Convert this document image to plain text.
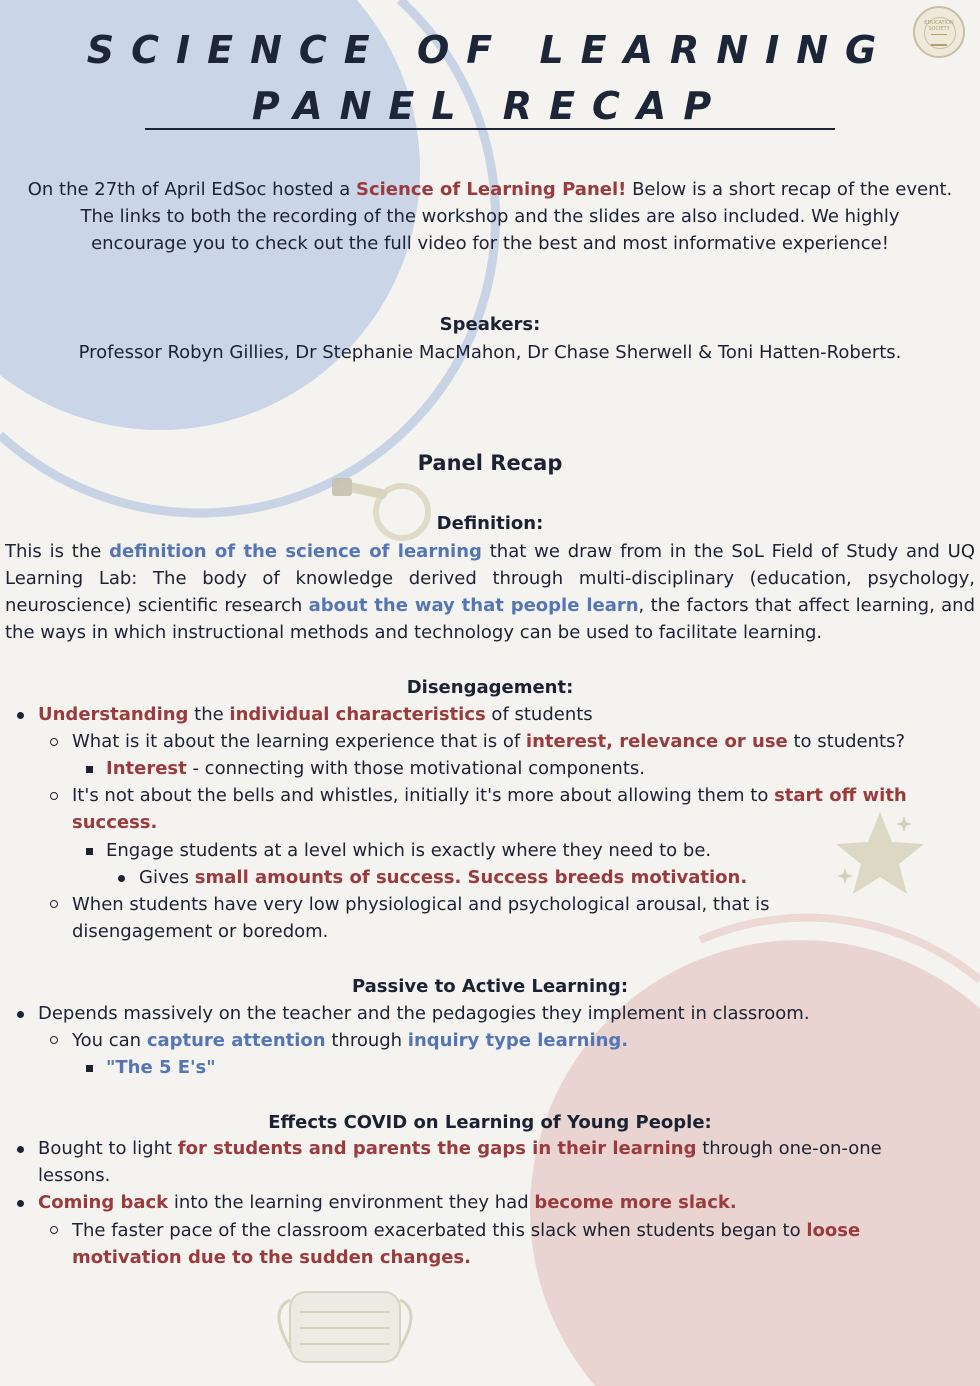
EDUCATION SOCIETY
SCIENCE OF LEARNING
PANEL RECAP
On the 27th of April EdSoc hosted a Science of Learning Panel! Below is a short recap of the event.
The links to both the recording of the workshop and the slides are also included. We highly
encourage you to check out the full video for the best and most informative experience!
Speakers:
Professor Robyn Gillies, Dr Stephanie MacMahon, Dr Chase Sherwell & Toni Hatten-Roberts.
Panel Recap
Definition:
This is the definition of the science of learning that we draw from in the SoL Field of Study and UQ Learning Lab: The body of knowledge derived through multi-disciplinary (education, psychology, neuroscience) scientific research about the way that people learn, the factors that affect learning, and the ways in which instructional methods and technology can be used to facilitate learning.
Disengagement:
Understanding the individual characteristics of students
What is it about the learning experience that is of interest, relevance or use to students?
Interest - connecting with those motivational components.
It's not about the bells and whistles, initially it's more about allowing them to start off with
success.
Engage students at a level which is exactly where they need to be.
Gives small amounts of success. Success breeds motivation.
When students have very low physiological and psychological arousal, that is
disengagement or boredom.
Passive to Active Learning:
Depends massively on the teacher and the pedagogies they implement in classroom.
You can capture attention through inquiry type learning.
"The 5 E's"
Effects COVID on Learning of Young People:
Bought to light for students and parents the gaps in their learning through one-on-one
lessons.
Coming back into the learning environment they had become more slack.
The faster pace of the classroom exacerbated this slack when students began to loose
motivation due to the sudden changes.
